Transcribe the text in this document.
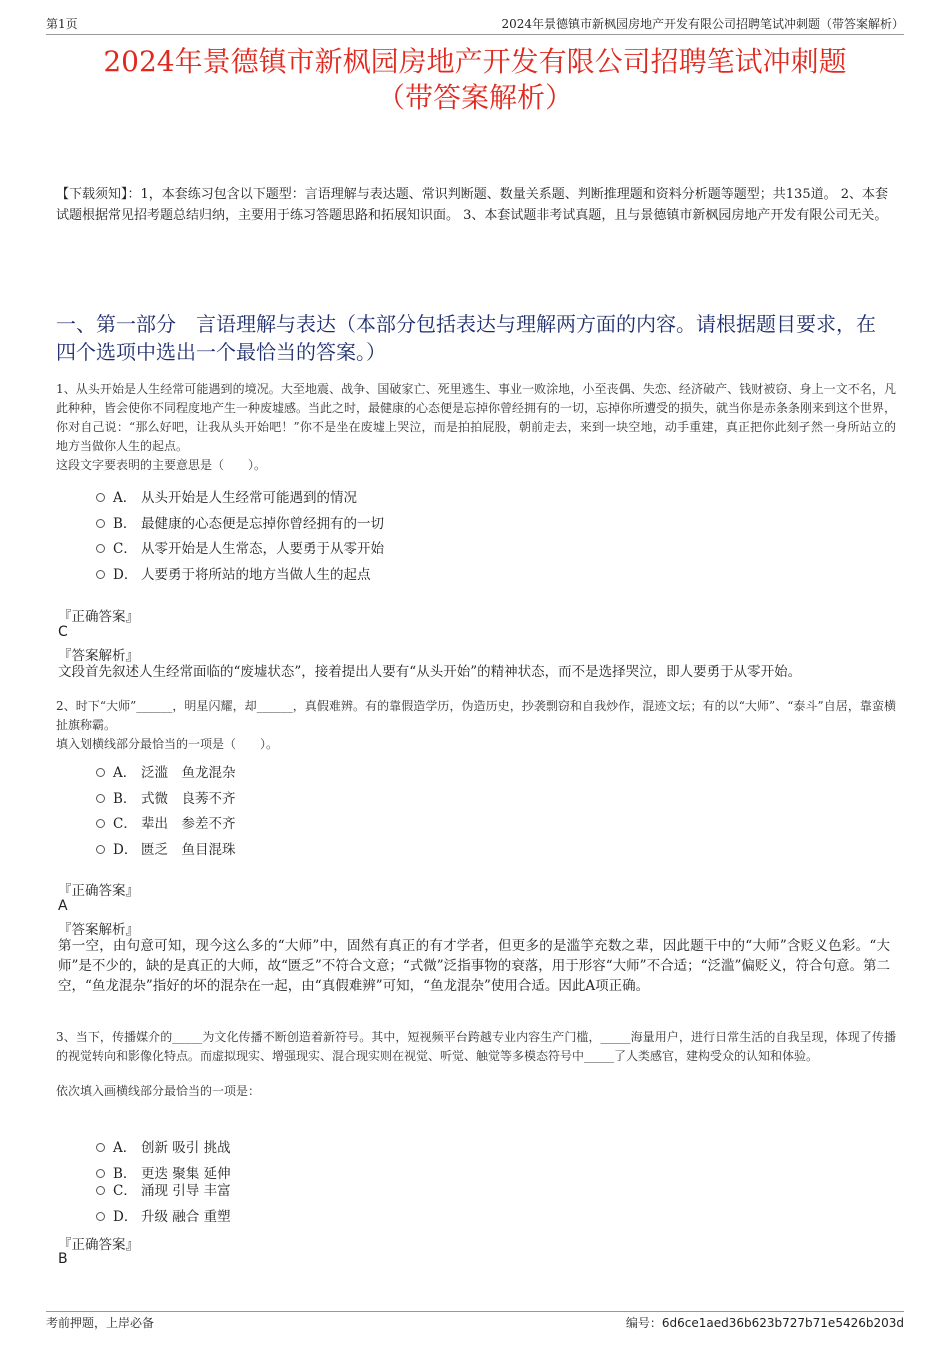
第1页	2024年景德镇市新枫园房地产开发有限公司招聘笔试冲刺题（带答案解析）
2024年景德镇市新枫园房地产开发有限公司招聘笔试冲刺题
（带答案解析）
【下载须知】：1，本套练习包含以下题型：言语理解与表达题、常识判断题、数量关系题、判断推理题和资料分析题等题型；共135道。 2、本套试题根据常见招考题总结归纳，主要用于练习答题思路和拓展知识面。 3、本套试题非考试真题，且与景德镇市新枫园房地产开发有限公司无关。
一、第一部分　言语理解与表达（本部分包括表达与理解两方面的内容。请根据题目要求，在四个选项中选出一个最恰当的答案。）
1、从头开始是人生经常可能遇到的境况。大至地震、战争、国破家亡、死里逃生、事业一败涂地，小至丧偶、失恋、经济破产、钱财被窃、身上一文不名，凡此种种，皆会使你不同程度地产生一种废墟感。当此之时，最健康的心态便是忘掉你曾经拥有的一切，忘掉你所遭受的损失，就当你是赤条条刚来到这个世界，你对自己说：“那么好吧，让我从头开始吧！”你不是坐在废墟上哭泣，而是拍拍屁股，朝前走去，来到一块空地，动手重建，真正把你此刻孑然一身所站立的地方当做你人生的起点。
这段文字要表明的主要意思是（　　）。
A． 从头开始是人生经常可能遇到的情况
B． 最健康的心态便是忘掉你曾经拥有的一切
C． 从零开始是人生常态，人要勇于从零开始
D． 人要勇于将所站的地方当做人生的起点
『正确答案』
C
『答案解析』
文段首先叙述人生经常面临的“废墟状态”，接着提出人要有“从头开始”的精神状态，而不是选择哭泣，即人要勇于从零开始。
2、时下“大师”______，明星闪耀，却______，真假难辨。有的靠假造学历，伪造历史，抄袭剽窃和自我炒作，混迹文坛；有的以“大师”、“泰斗”自居，靠蛮横扯旗称霸。
填入划横线部分最恰当的一项是（　　）。
A． 泛滥　鱼龙混杂
B． 式微　良莠不齐
C． 辈出　参差不齐
D． 匮乏　鱼目混珠
『正确答案』
A
『答案解析』
第一空，由句意可知，现今这么多的“大师”中，固然有真正的有才学者，但更多的是滥竽充数之辈，因此题干中的“大师”含贬义色彩。“大师”是不少的，缺的是真正的大师，故“匮乏”不符合文意；“式微”泛指事物的衰落，用于形容“大师”不合适；“泛滥”偏贬义，符合句意。第二空，“鱼龙混杂”指好的坏的混杂在一起，由“真假难辨”可知，“鱼龙混杂”使用合适。因此A项正确。
3、当下，传播媒介的_____为文化传播不断创造着新符号。其中，短视频平台跨越专业内容生产门槛，_____海量用户，进行日常生活的自我呈现，体现了传播的视觉转向和影像化特点。而虚拟现实、增强现实、混合现实则在视觉、听觉、触觉等多模态符号中_____了人类感官，建构受众的认知和体验。
依次填入画横线部分最恰当的一项是：
A． 创新 吸引 挑战
B． 更迭 聚集 延伸
C． 涌现 引导 丰富
D． 升级 融合 重塑
『正确答案』
B
考前押题，上岸必备	编号：6d6ce1aed36b623b727b71e5426b203d
